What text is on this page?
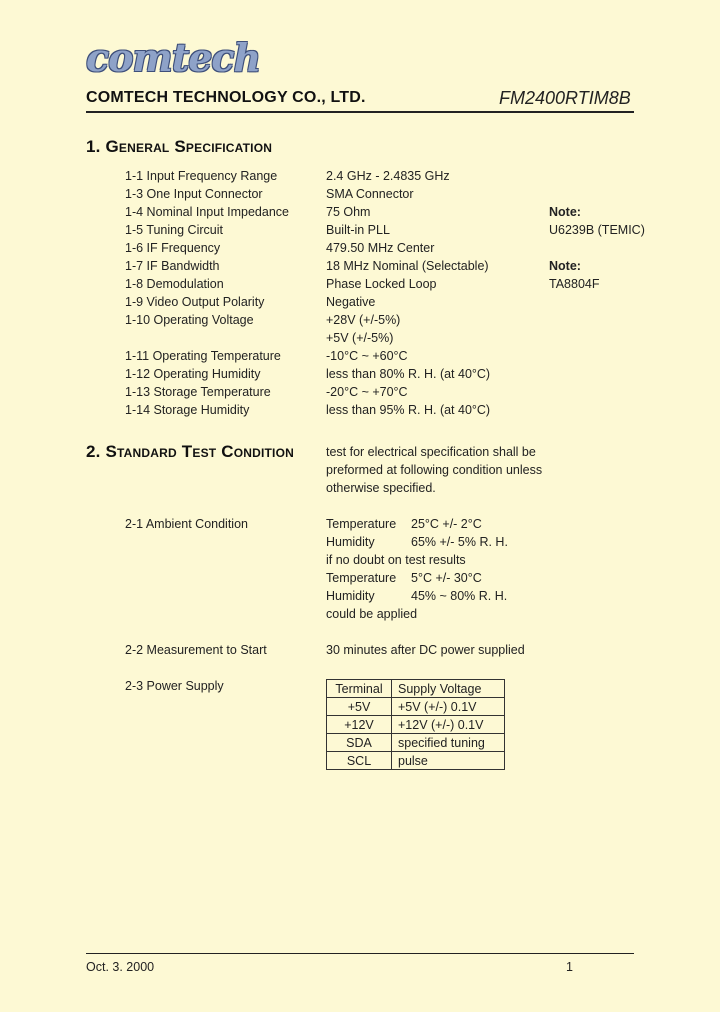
comtech
COMTECH TECHNOLOGY CO., LTD.	FM2400RTIM8B
1. General Specification
1-1 Input Frequency Range	2.4 GHz - 2.4835 GHz
1-3 One Input Connector	SMA Connector
1-4 Nominal Input Impedance	75 Ohm	Note:
1-5 Tuning Circuit	Built-in PLL	U6239B (TEMIC)
1-6 IF Frequency	479.50 MHz Center
1-7 IF Bandwidth	18 MHz Nominal (Selectable)	Note:
1-8 Demodulation	Phase Locked Loop	TA8804F
1-9 Video Output Polarity	Negative
1-10 Operating Voltage	+28V (+/-5%)
+5V (+/-5%)
1-11 Operating Temperature	-10°C ~ +60°C
1-12 Operating Humidity	less than 80% R. H. (at 40°C)
1-13 Storage Temperature	-20°C ~ +70°C
1-14 Storage Humidity	less than 95% R. H. (at 40°C)
2. Standard Test Condition	test for electrical specification shall be
preformed at following condition unless
otherwise specified.
2-1 Ambient Condition	Temperature 25°C +/- 2°C
Humidity	65% +/- 5% R. H.
if no doubt on test results
Temperature 5°C +/- 30°C
Humidity	45% ~ 80% R. H.
could be applied
2-2 Measurement to Start	30 minutes after DC power supplied
2-3 Power Supply	Terminal	Supply Voltage
+5V	+5V (+/-) 0.1V
+12V	+12V (+/-) 0.1V
SDA	specified tuning
SCL	pulse
Oct. 3. 2000	1
